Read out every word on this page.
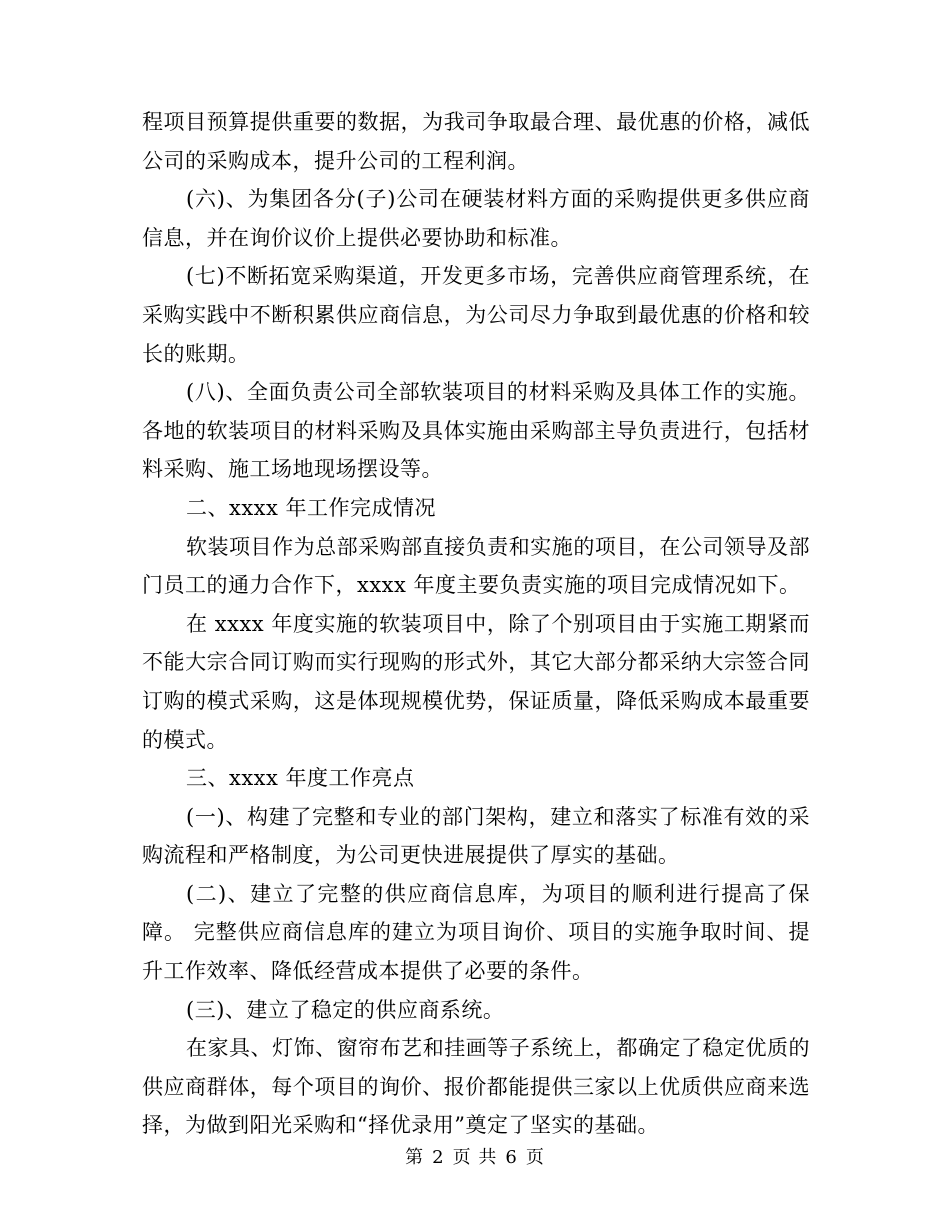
程项目预算提供重要的数据，为我司争取最合理、最优惠的价格，减低公司的采购成本，提升公司的工程利润。

(六)、为集团各分(子)公司在硬装材料方面的采购提供更多供应商信息，并在询价议价上提供必要协助和标准。

(七)不断拓宽采购渠道，开发更多市场，完善供应商管理系统，在采购实践中不断积累供应商信息，为公司尽力争取到最优惠的价格和较长的账期。

(八)、全面负责公司全部软装项目的材料采购及具体工作的实施。各地的软装项目的材料采购及具体实施由采购部主导负责进行，包括材料采购、施工场地现场摆设等。

二、xxxx 年工作完成情况

软装项目作为总部采购部直接负责和实施的项目，在公司领导及部门员工的通力合作下，xxxx 年度主要负责实施的项目完成情况如下。

在 xxxx 年度实施的软装项目中，除了个别项目由于实施工期紧而不能大宗合同订购而实行现购的形式外，其它大部分都采纳大宗签合同订购的模式采购，这是体现规模优势，保证质量，降低采购成本最重要的模式。

三、xxxx 年度工作亮点

(一)、构建了完整和专业的部门架构，建立和落实了标准有效的采购流程和严格制度，为公司更快进展提供了厚实的基础。

(二)、建立了完整的供应商信息库，为项目的顺利进行提高了保障。 完整供应商信息库的建立为项目询价、项目的实施争取时间、提升工作效率、降低经营成本提供了必要的条件。

(三)、建立了稳定的供应商系统。

在家具、灯饰、窗帘布艺和挂画等子系统上，都确定了稳定优质的供应商群体，每个项目的询价、报价都能提供三家以上优质供应商来选择，为做到阳光采购和“择优录用”奠定了坚实的基础。

第 2 页 共 6 页
